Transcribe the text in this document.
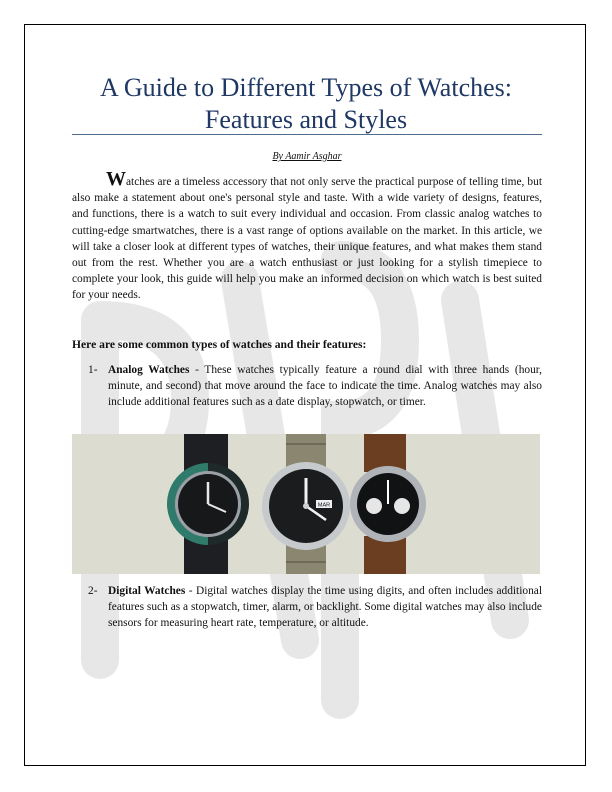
A Guide to Different Types of Watches: Features and Styles
By Aamir Asghar

Watches are a timeless accessory that not only serve the practical purpose of telling time, but also make a statement about one's personal style and taste. With a wide variety of designs, features, and functions, there is a watch to suit every individual and occasion. From classic analog watches to cutting-edge smartwatches, there is a vast range of options available on the market. In this article, we will take a closer look at different types of watches, their unique features, and what makes them stand out from the rest. Whether you are a watch enthusiast or just looking for a stylish timepiece to complete your look, this guide will help you make an informed decision on which watch is best suited for your needs.

Here are some common types of watches and their features:

1- Analog Watches - These watches typically feature a round dial with three hands (hour, minute, and second) that move around the face to indicate the time. Analog watches may also include additional features such as a date display, stopwatch, or timer.
MAR
2- Digital Watches - Digital watches display the time using digits, and often includes additional features such as a stopwatch, timer, alarm, or backlight. Some digital watches may also include sensors for measuring heart rate, temperature, or altitude.
